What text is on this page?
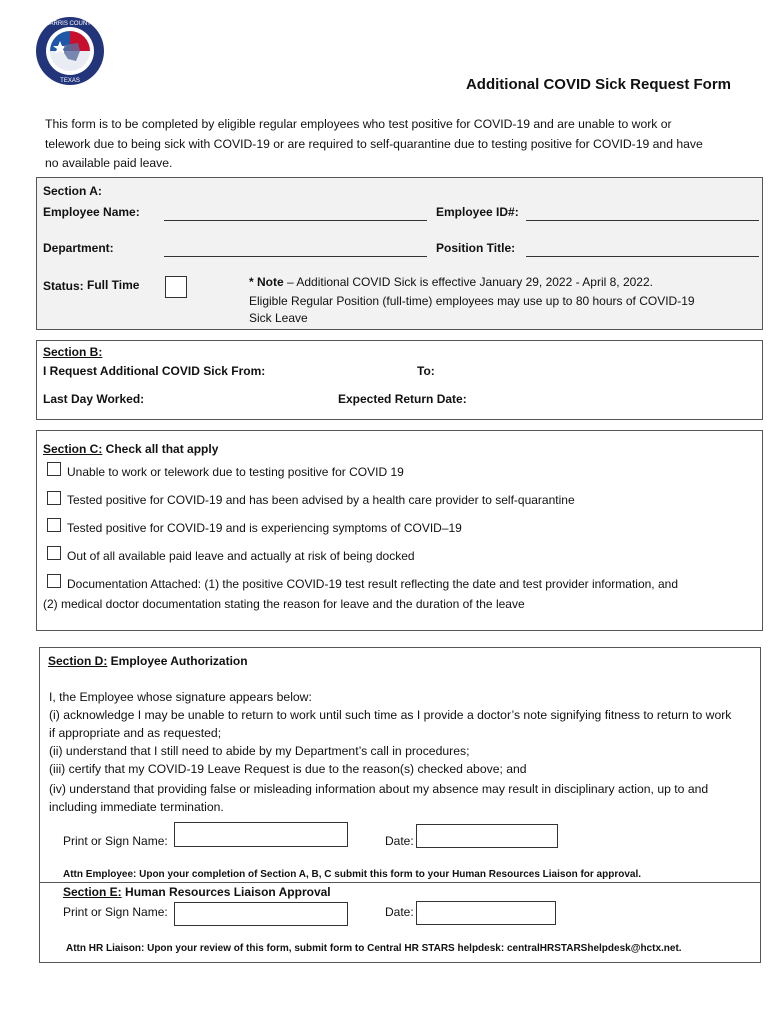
HARRIS COUNTY
TEXAS	Additional COVID Sick Request Form
This form is to be completed by eligible regular employees who test positive for COVID-19 and are unable to work or telework due to being sick with COVID-19 or are required to self-quarantine due to testing positive for COVID-19 and have no available paid leave.
Section A:
Employee Name:	Employee ID#:
Department:	Position Title:
Status: Full Time	* Note – Additional COVID Sick is effective January 29, 2022 - April 8, 2022.
Eligible Regular Position (full-time) employees may use up to 80 hours of COVID-19
Sick Leave
Section B:
I Request Additional COVID Sick From:	To:
Last Day Worked:	Expected Return Date:
Section C: Check all that apply
Unable to work or telework due to testing positive for COVID 19
Tested positive for COVID-19 and has been advised by a health care provider to self-quarantine
Tested positive for COVID-19 and is experiencing symptoms of COVID–19
Out of all available paid leave and actually at risk of being docked
Documentation Attached: (1) the positive COVID-19 test result reflecting the date and test provider information, and
(2) medical doctor documentation stating the reason for leave and the duration of the leave
Section D: Employee Authorization
I, the Employee whose signature appears below:
(i) acknowledge I may be unable to return to work until such time as I provide a doctor’s note signifying fitness to return to work if appropriate and as requested;
(ii) understand that I still need to abide by my Department’s call in procedures;
(iii) certify that my COVID-19 Leave Request is due to the reason(s) checked above; and
(iv) understand that providing false or misleading information about my absence may result in disciplinary action, up to and including immediate termination.
Print or Sign Name:	Date:
Attn Employee: Upon your completion of Section A, B, C submit this form to your Human Resources Liaison for approval.
Section E: Human Resources Liaison Approval
Print or Sign Name:	Date:
Attn HR Liaison: Upon your review of this form, submit form to Central HR STARS helpdesk: centralHRSTARShelpdesk@hctx.net.
